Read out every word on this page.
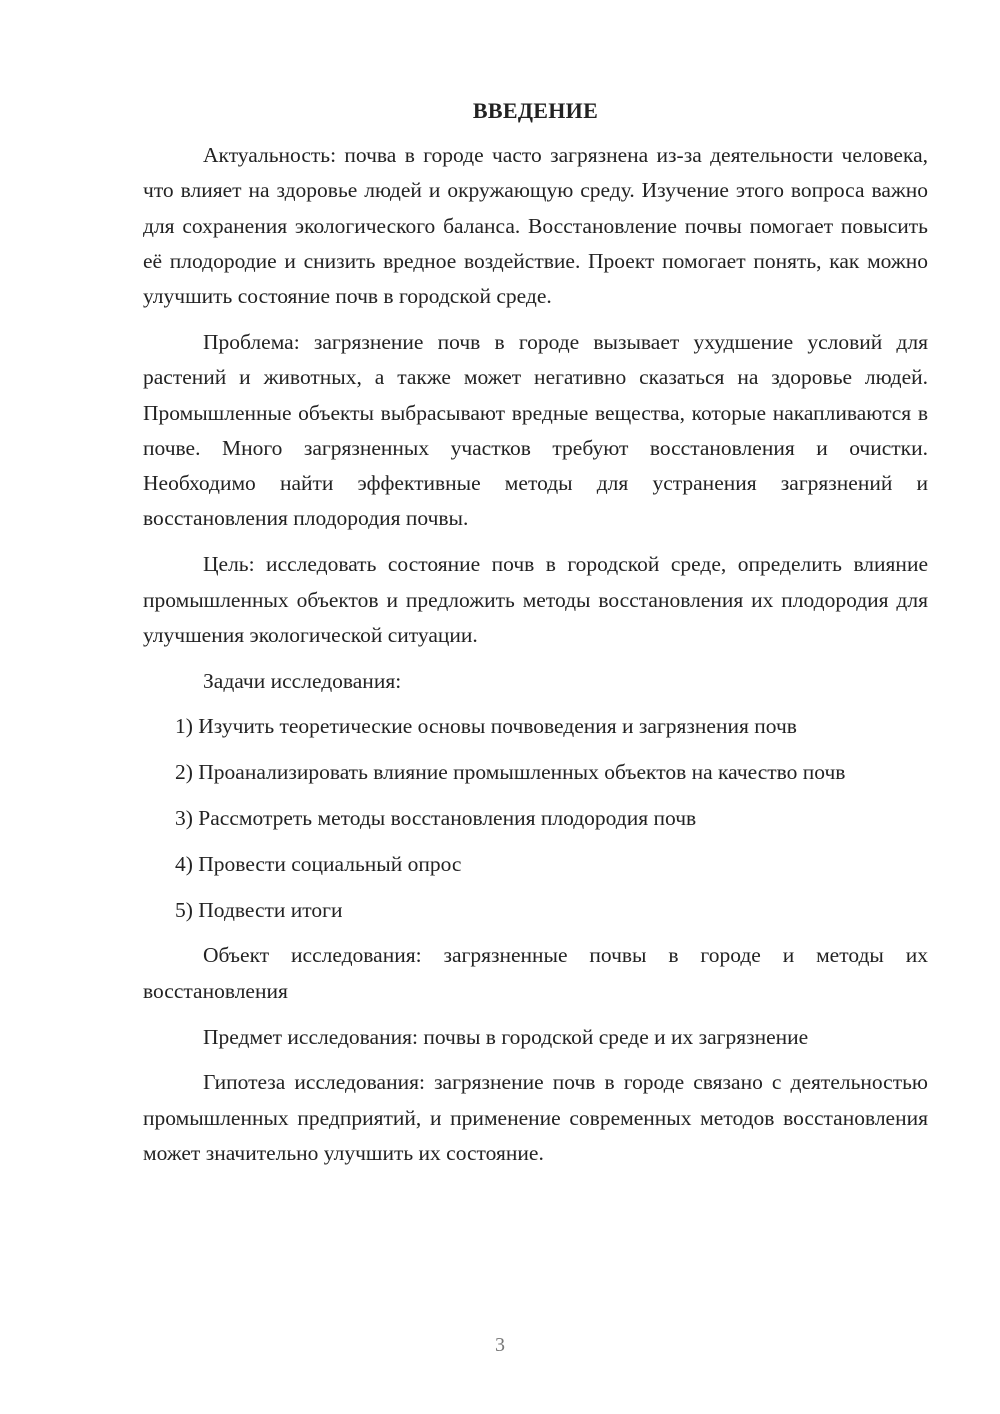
ВВЕДЕНИЕ

Актуальность: почва в городе часто загрязнена из-за деятельности человека, что влияет на здоровье людей и окружающую среду. Изучение этого вопроса важно для сохранения экологического баланса. Восстановление почвы помогает повысить её плодородие и снизить вредное воздействие. Проект помогает понять, как можно улучшить состояние почв в городской среде.

Проблема: загрязнение почв в городе вызывает ухудшение условий для растений и животных, а также может негативно сказаться на здоровье людей. Промышленные объекты выбрасывают вредные вещества, которые накапливаются в почве. Много загрязненных участков требуют восстановления и очистки. Необходимо найти эффективные методы для устранения загрязнений и восстановления плодородия почвы.

Цель: исследовать состояние почв в городской среде, определить влияние промышленных объектов и предложить методы восстановления их плодородия для улучшения экологической ситуации.

Задачи исследования:

1) Изучить теоретические основы почвоведения и загрязнения почв

2) Проанализировать влияние промышленных объектов на качество почв

3) Рассмотреть методы восстановления плодородия почв

4) Провести социальный опрос

5) Подвести итоги

Объект исследования: загрязненные почвы в городе и методы их восстановления

Предмет исследования: почвы в городской среде и их загрязнение

Гипотеза исследования: загрязнение почв в городе связано с деятельностью промышленных предприятий, и применение современных методов восстановления может значительно улучшить их состояние.

3
